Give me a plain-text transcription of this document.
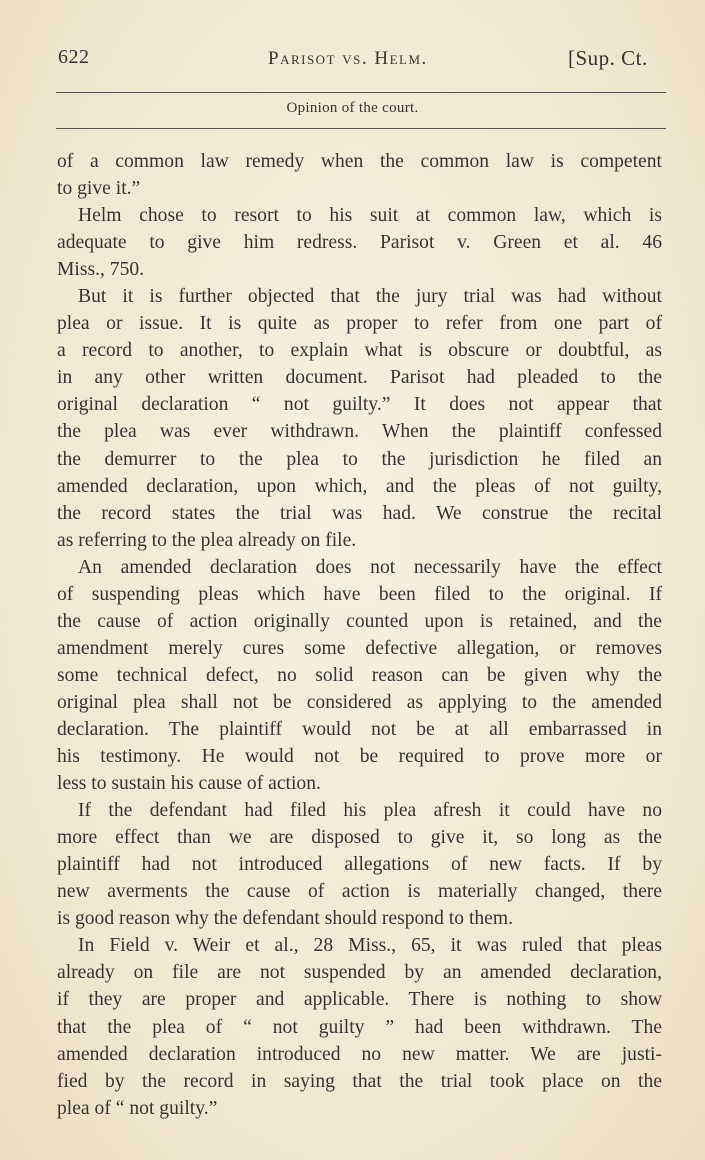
622	Parisot vs. Helm.	[Sup. Ct.
Opinion of the court.

of a common law remedy when the common law is competent
to give it.”

Helm chose to resort to his suit at common law, which is
adequate to give him redress. Parisot v. Green et al. 46
Miss., 750.

But it is further objected that the jury trial was had without
plea or issue. It is quite as proper to refer from one part of
a record to another, to explain what is obscure or doubtful, as
in any other written document. Parisot had pleaded to the
original declaration “ not guilty.” It does not appear that
the plea was ever withdrawn. When the plaintiff confessed
the demurrer to the plea to the jurisdiction he filed an
amended declaration, upon which, and the pleas of not guilty,
the record states the trial was had. We construe the recital
as referring to the plea already on file.

An amended declaration does not necessarily have the effect
of suspending pleas which have been filed to the original. If
the cause of action originally counted upon is retained, and the
amendment merely cures some defective allegation, or removes
some technical defect, no solid reason can be given why the
original plea shall not be considered as applying to the amended
declaration. The plaintiff would not be at all embarrassed in
his testimony. He would not be required to prove more or
less to sustain his cause of action.

If the defendant had filed his plea afresh it could have no
more effect than we are disposed to give it, so long as the
plaintiff had not introduced allegations of new facts. If by
new averments the cause of action is materially changed, there
is good reason why the defendant should respond to them.

In Field v. Weir et al., 28 Miss., 65, it was ruled that pleas
already on file are not suspended by an amended declaration,
if they are proper and applicable. There is nothing to show
that the plea of “ not guilty ” had been withdrawn. The
amended declaration introduced no new matter. We are justi-
fied by the record in saying that the trial took place on the
plea of “ not guilty.”
